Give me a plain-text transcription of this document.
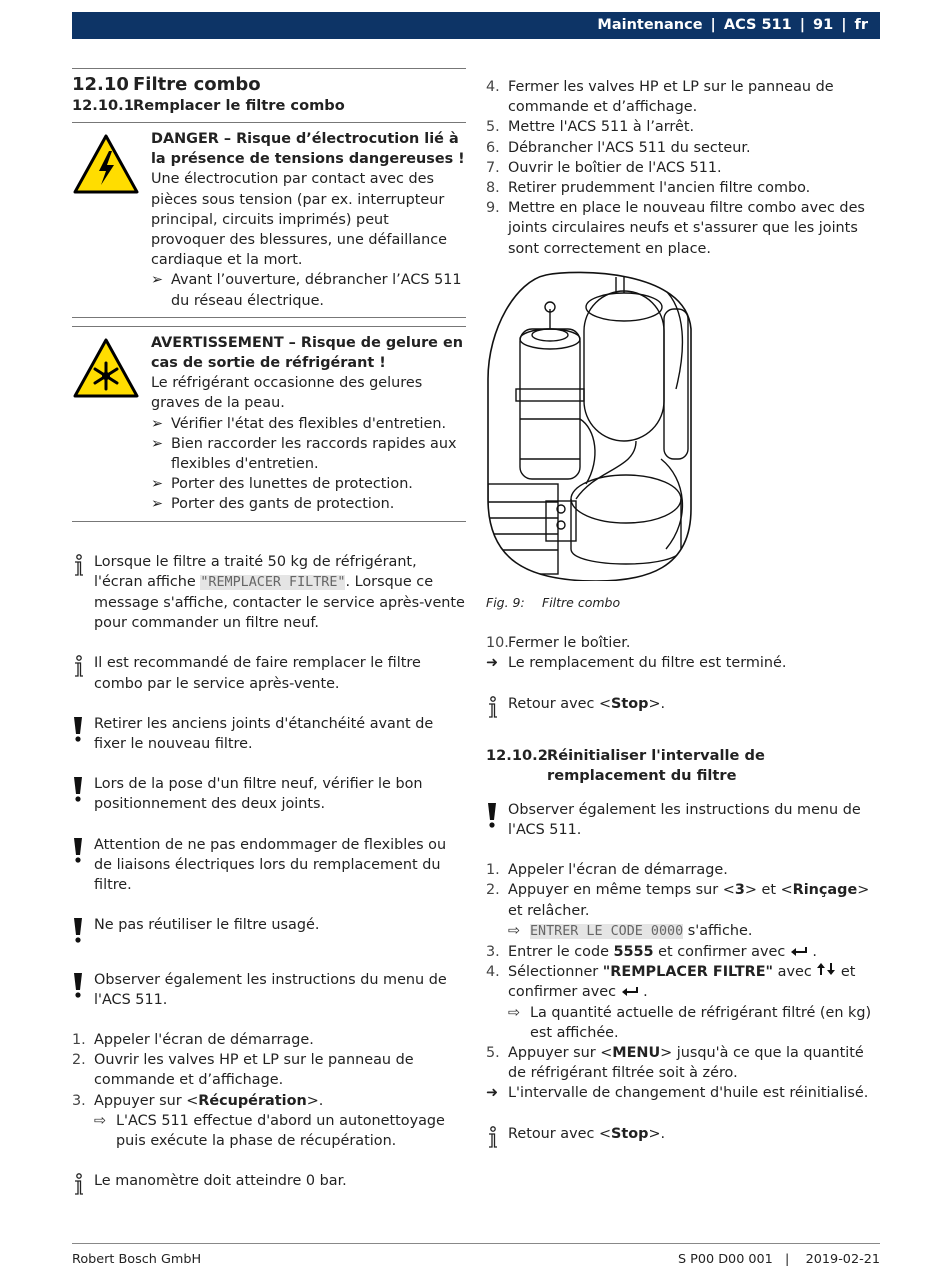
Maintenance | ACS 511 | 91 | fr
12.10 Filtre combo
12.10.1Remplacer le filtre combo
DANGER – Risque d’électrocution lié à la présence de tensions dangereuses !
Une électrocution par contact avec des pièces sous tension (par ex. interrupteur principal, circuits imprimés) peut provoquer des blessures, une défaillance cardiaque et la mort.
➢ Avant l’ouverture, débrancher l’ACS 511 du réseau électrique.
AVERTISSEMENT – Risque de gelure en cas de sortie de réfrigérant !
Le réfrigérant occasionne des gelures graves de la peau.
➢ Vérifier l'état des flexibles d'entretien.
➢ Bien raccorder les raccords rapides aux flexibles d'entretien.
➢ Porter des lunettes de protection.
➢ Porter des gants de protection.
Lorsque le filtre a traité 50 kg de réfrigérant, l'écran affiche "REMPLACER FILTRE". Lorsque ce message s'affiche, contacter le service après-vente pour commander un filtre neuf.
Il est recommandé de faire remplacer le filtre combo par le service après-vente.
Retirer les anciens joints d'étanchéité avant de fixer le nouveau filtre.
Lors de la pose d'un filtre neuf, vérifier le bon positionnement des deux joints.
Attention de ne pas endommager de flexibles ou de liaisons électriques lors du remplacement du filtre.
Ne pas réutiliser le filtre usagé.
Observer également les instructions du menu de l'ACS 511.
1. Appeler l'écran de démarrage.
2. Ouvrir les valves HP et LP sur le panneau de commande et d’affichage.
3. Appuyer sur <Récupération>.
⇨ L'ACS 511 effectue d'abord un autonettoyage puis exécute la phase de récupération.
Le manomètre doit atteindre 0 bar.
4. Fermer les valves HP et LP sur le panneau de commande et d’affichage.
5. Mettre l'ACS 511 à l’arrêt.
6. Débrancher l'ACS 511 du secteur.
7. Ouvrir le boîtier de l'ACS 511.
8. Retirer prudemment l'ancien filtre combo.
9. Mettre en place le nouveau filtre combo avec des joints circulaires neufs et s'assurer que les joints sont correctement en place.
Fig. 9: Filtre combo
10. Fermer le boîtier.
➜ Le remplacement du filtre est terminé.
Retour avec <Stop>.
12.10.2 Réinitialiser l'intervalle de remplacement du filtre
Observer également les instructions du menu de l'ACS 511.
1. Appeler l'écran de démarrage.
2. Appuyer en même temps sur <3> et <Rinçage> et relâcher.
⇨ ENTRER LE CODE 0000 s'affiche.
3. Entrer le code 5555 et confirmer avec  .
4. Sélectionner "REMPLACER FILTRE" avec  et confirmer avec  .
⇨ La quantité actuelle de réfrigérant filtré (en kg) est affichée.
5. Appuyer sur <MENU> jusqu'à ce que la quantité de réfrigérant filtrée soit à zéro.
➜ L'intervalle de changement d'huile est réinitialisé.
Retour avec <Stop>.
Robert Bosch GmbH	S P00 D00 001   |    2019-02-21
